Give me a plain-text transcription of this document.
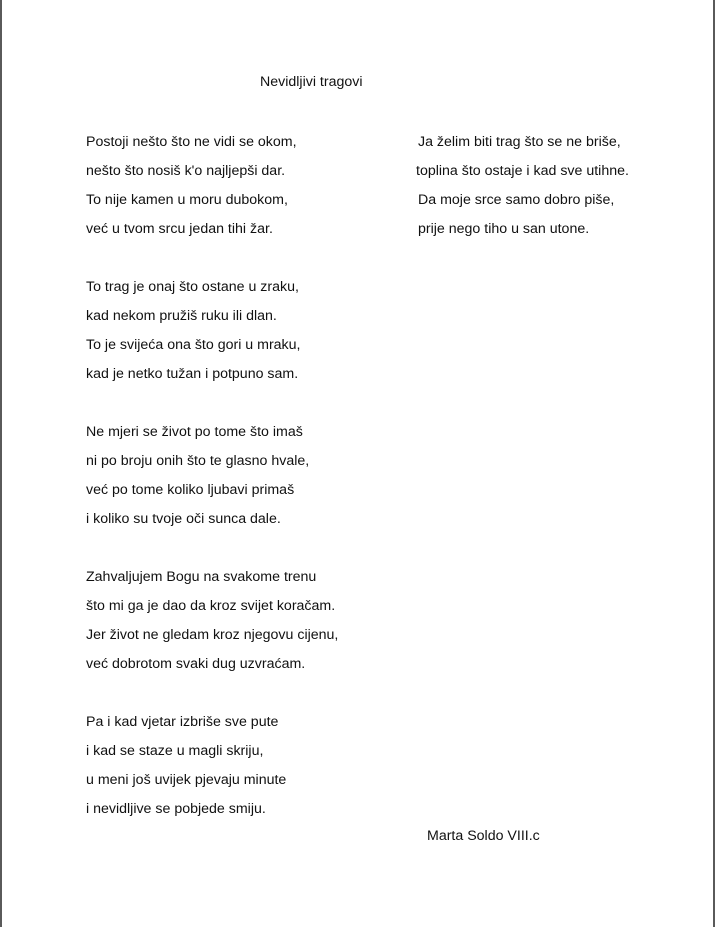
Nevidljivi tragovi
Postoji nešto što ne vidi se okom,
nešto što nosiš k'o najljepši dar.
To nije kamen u moru dubokom,
već u tvom srcu jedan tihi žar.
To trag je onaj što ostane u zraku,
kad nekom pružiš ruku ili dlan.
To je svijeća ona što gori u mraku,
kad je netko tužan i potpuno sam.
Ne mjeri se život po tome što imaš
ni po broju onih što te glasno hvale,
već po tome koliko ljubavi primaš
i koliko su tvoje oči sunca dale.
Zahvaljujem Bogu na svakome trenu
što mi ga je dao da kroz svijet koračam.
Jer život ne gledam kroz njegovu cijenu,
već dobrotom svaki dug uzvraćam.
Pa i kad vjetar izbriše sve pute
i kad se staze u magli skriju,
u meni još uvijek pjevaju minute
i nevidljive se pobjede smiju.
Ja želim biti trag što se ne briše,
toplina što ostaje i kad sve utihne.
Da moje srce samo dobro piše,
prije nego tiho u san utone.
Marta Soldo VIII.c
